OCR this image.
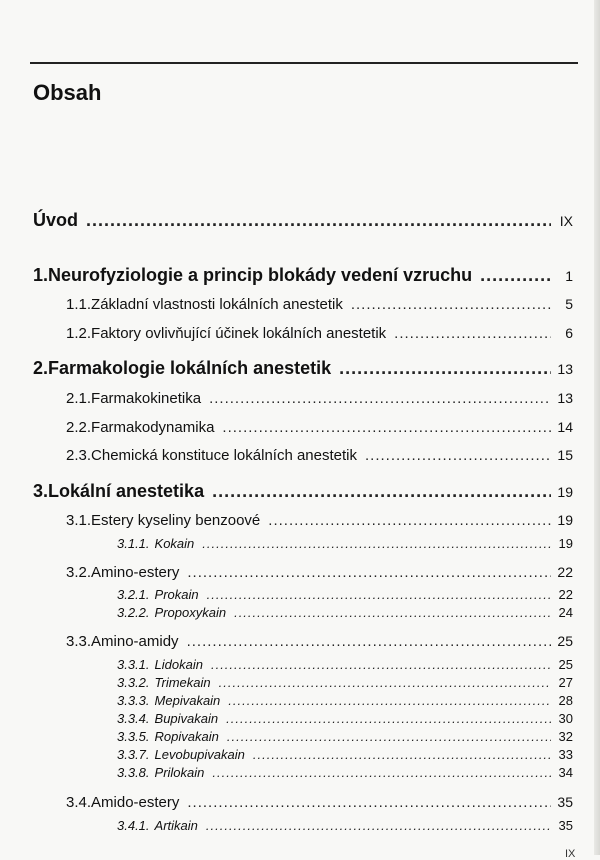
Obsah
Úvod .....	IX
1. Neurofyziologie a princip blokády vedení vzruchu .....	1
1.1. Základní vlastnosti lokálních anestetik .....	5
1.2. Faktory ovlivňující účinek lokálních anestetik .....	6
2. Farmakologie lokálních anestetik .....	13
2.1. Farmakokinetika .....	13
2.2. Farmakodynamika .....	14
2.3. Chemická konstituce lokálních anestetik .....	15
3. Lokální anestetika .....	19
3.1. Estery kyseliny benzoové .....	19
3.1.1. Kokain .....	19
3.2. Amino-estery .....	22
3.2.1. Prokain .....	22
3.2.2. Propoxykain .....	24
3.3. Amino-amidy .....	25
3.3.1. Lidokain .....	25
3.3.2. Trimekain .....	27
3.3.3. Mepivakain .....	28
3.3.4. Bupivakain .....	30
3.3.5. Ropivakain .....	32
3.3.7. Levobupivakain .....	33
3.3.8. Prilokain .....	34
3.4. Amido-estery .....	35
3.4.1. Artikain .....	35
IX
